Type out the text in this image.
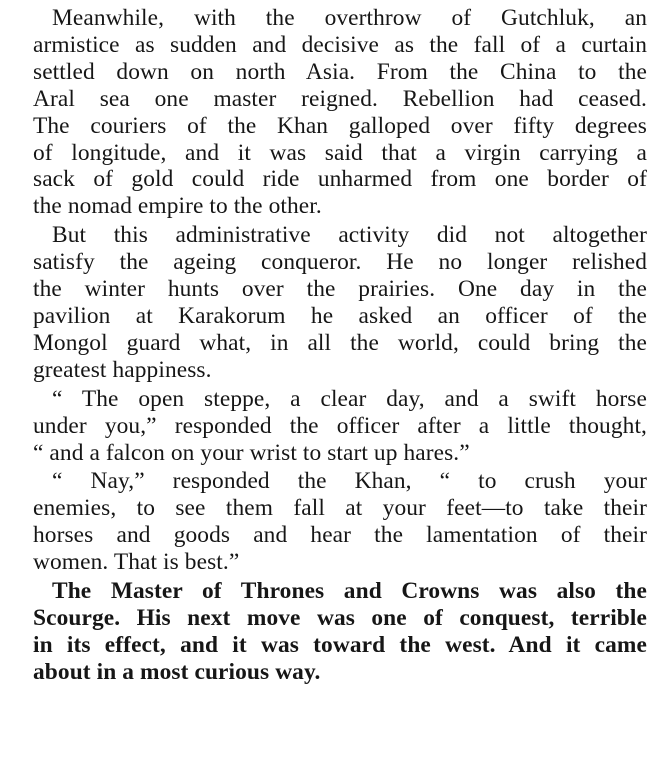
Meanwhile, with the overthrow of Gutchluk, an
armistice as sudden and decisive as the fall of a curtain
settled down on north Asia. From the China to the
Aral sea one master reigned. Rebellion had ceased.
The couriers of the Khan galloped over fifty degrees
of longitude, and it was said that a virgin carrying a
sack of gold could ride unharmed from one border of
the nomad empire to the other.
But this administrative activity did not altogether
satisfy the ageing conqueror. He no longer relished
the winter hunts over the prairies. One day in the
pavilion at Karakorum he asked an officer of the
Mongol guard what, in all the world, could bring the
greatest happiness.
“ The open steppe, a clear day, and a swift horse
under you,” responded the officer after a little thought,
“ and a falcon on your wrist to start up hares.”
“ Nay,” responded the Khan, “ to crush your
enemies, to see them fall at your feet—to take their
horses and goods and hear the lamentation of their
women. That is best.”
The Master of Thrones and Crowns was also the
Scourge. His next move was one of conquest, terrible
in its effect, and it was toward the west. And it came
about in a most curious way.
